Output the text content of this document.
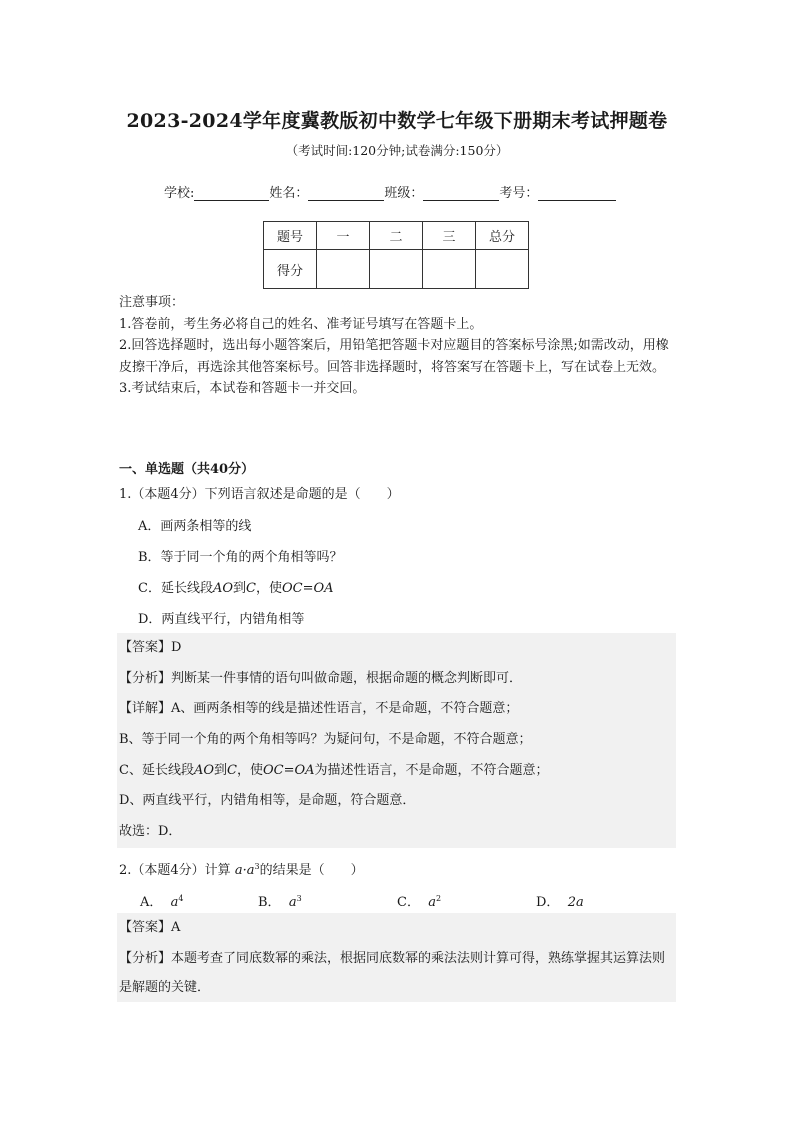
2023-2024学年度冀教版初中数学七年级下册期末考试押题卷
（考试时间:120分钟;试卷满分:150分）
学校:	姓名：	班级：	考号：
题号	一	二	三	总分
得分				

注意事项：

1.答卷前，考生务必将自己的姓名、准考证号填写在答题卡上。

2.回答选择题时，选出每小题答案后，用铅笔把答题卡对应题目的答案标号涂黑;如需改动，用橡皮擦干净后，再选涂其他答案标号。回答非选择题时，将答案写在答题卡上，写在试卷上无效。

3.考试结束后，本试卷和答题卡一并交回。

一、单选题（共40分）
1.（本题4分）下列语言叙述是命题的是（　　）
A．画两条相等的线
B．等于同一个角的两个角相等吗？
C．延长线段AO到C，使OC=OA
D．两直线平行，内错角相等
【答案】D
【分析】判断某一件事情的语句叫做命题，根据命题的概念判断即可．
【详解】A、画两条相等的线是描述性语言，不是命题，不符合题意；
B、等于同一个角的两个角相等吗？为疑问句，不是命题，不符合题意；
C、延长线段AO到C，使OC=OA为描述性语言，不是命题，不符合题意；
D、两直线平行，内错角相等，是命题，符合题意．
故选：D．
2.（本题4分）计算 $a\cdot a^3$的结果是（　　）
A． $a^4$	B． $a^3$	C． $a^2$	D． 2a
【答案】A
【分析】本题考查了同底数幂的乘法，根据同底数幂的乘法法则计算可得，熟练掌握其运算法则是解题的关键．
